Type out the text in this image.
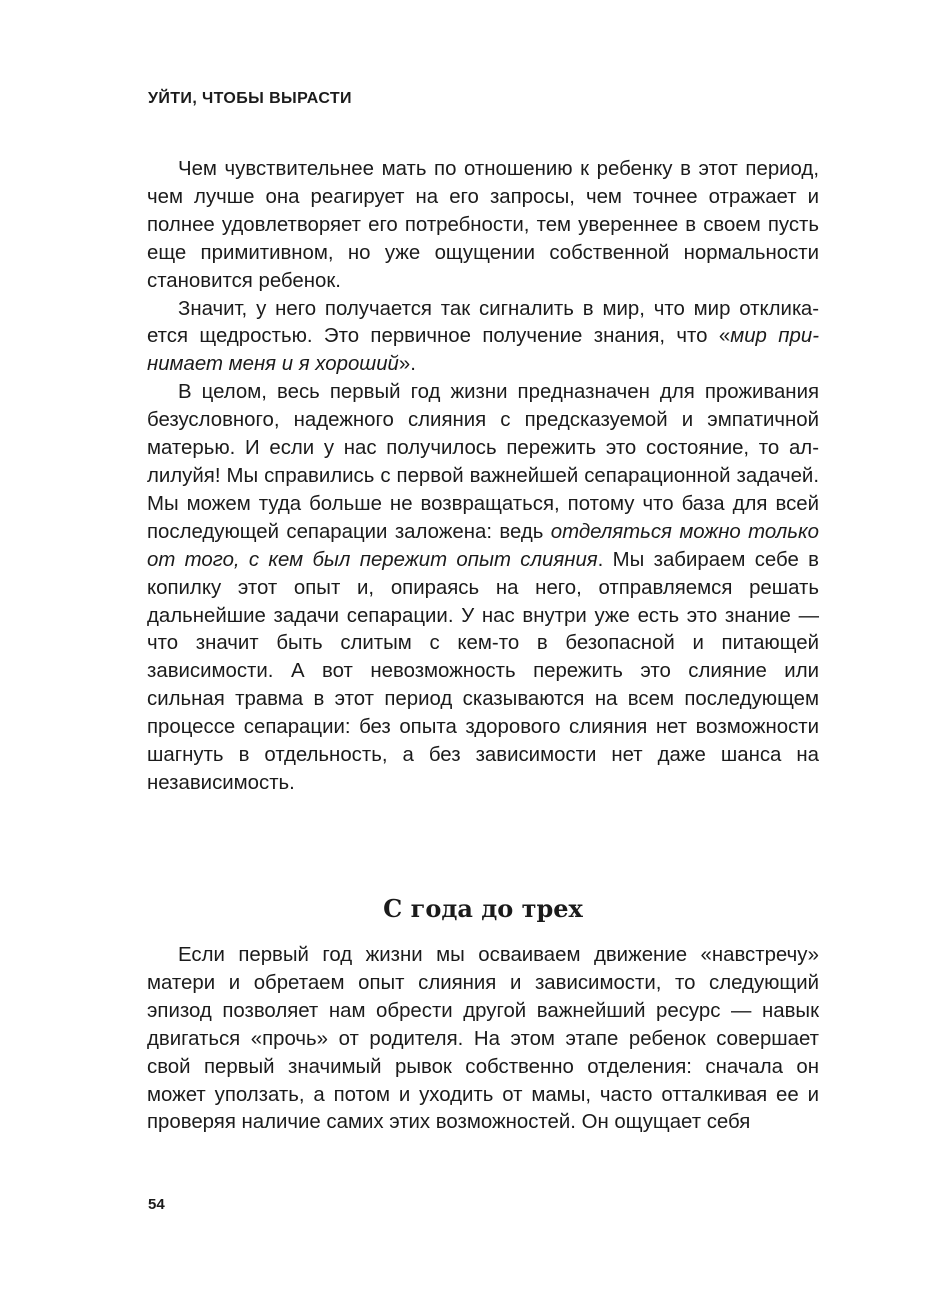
УЙТИ, ЧТОБЫ ВЫРАСТИ

Чем чувствительнее мать по отношению к ребенку в этот период, чем лучше она реагирует на его запросы, чем точнее отражает и полнее удовлетворяет его потребности, тем увереннее в своем пусть еще примитивном, но уже ощущении собственной нормальности становится ребенок.

Значит, у него получается так сигналить в мир, что мир откликaется щедростью. Это первичное получение знания, что «мир принимает меня и я хороший».

В целом, весь первый год жизни предназначен для проживания безусловного, надежного слияния с предсказуемой и эмпатичной матерью. И если у нас получилось пережить это состояние, то аллилуйя! Мы справились с первой важнейшей сепарационной задачей. Мы можем туда больше не возвращаться, потому что база для всей последующей сепарации заложена: ведь отделяться можно только от того, с кем был пережит опыт слияния. Мы забираем себе в копилку этот опыт и, опираясь на него, отправляемся решать дальнейшие задачи сепарации. У нас внутри уже есть это знание — что значит быть слитым с кем-то в безопасной и питающей зависимости. А вот невозможность пережить это слияние или сильная травма в этот период сказываются на всем последующем процессе сепарации: без опыта здорового слияния нет возможности шагнуть в отдельность, а без зависимости нет даже шанса на независимость.

С года до трех

Если первый год жизни мы осваиваем движение «навстречу» матери и обретаем опыт слияния и зависимости, то следующий эпизод позволяет нам обрести другой важнейший ресурс — навык двигаться «прочь» от родителя. На этом этапе ребенок совершает свой первый значимый рывок собственно отделения: сначала он может уползать, а потом и уходить от мамы, часто отталкивая ее и проверяя наличие самих этих возможностей. Он ощущает себя

54
